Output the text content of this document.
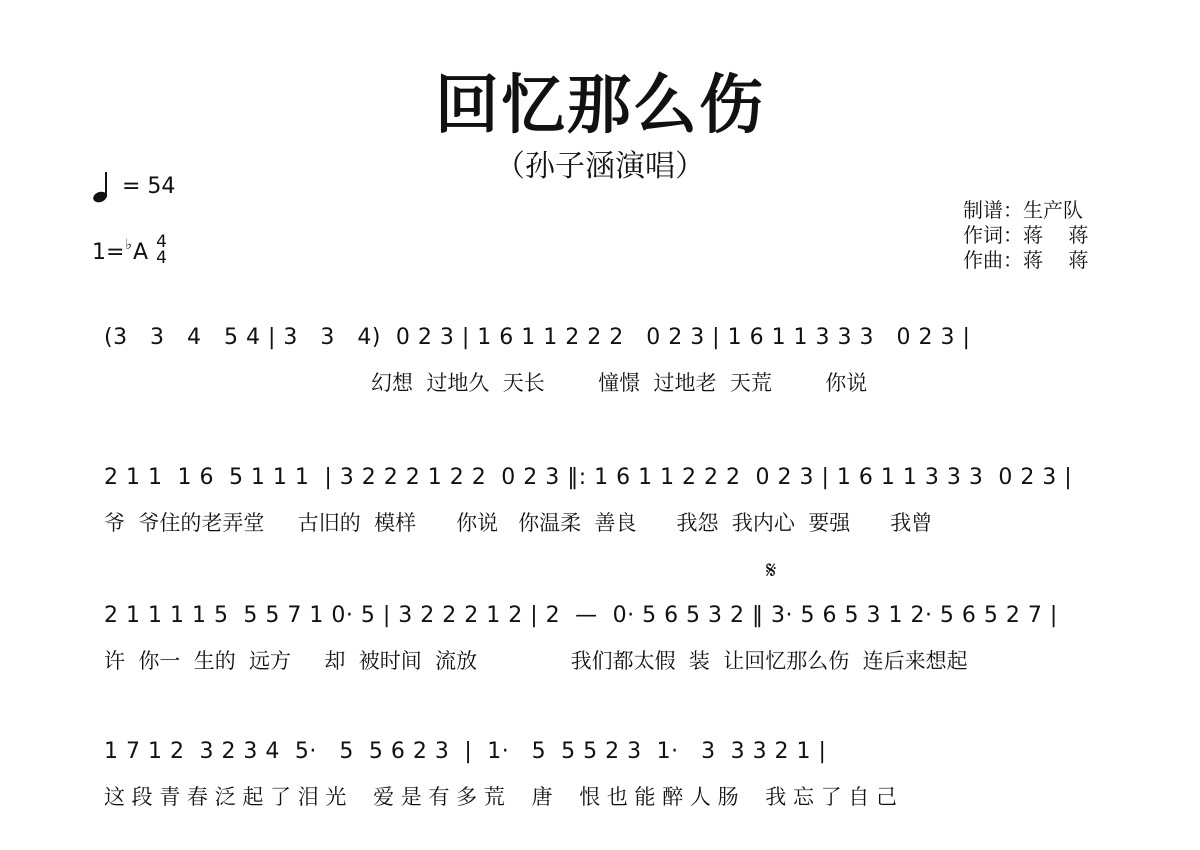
回忆那么伤
（孙子涵演唱）
= 54
1= ♭ A 4
4
制谱：生产队
作词：蒋    蒋
作曲：蒋    蒋
𝄋
(3   3   4   5 4 | 3   3   4)  0 2 3 | 1 6 1 1 2 2 2   0 2 3 | 1 6 1 1 3 3 3   0 2 3 |
幻想  过地久  天长        憧憬  过地老  天荒        你说
2 1 1  1 6  5 1 1 1  | 3 2 2 2 1 2 2  0 2 3 ‖: 1 6 1 1 2 2 2  0 2 3 | 1 6 1 1 3 3 3  0 2 3 |
爷  爷住的老弄堂     古旧的  模样      你说   你温柔  善良      我怨  我内心  要强      我曾
2 1 1 1 1 5  5 5 7 1 0· 5 | 3 2 2 2 1 2 | 2  —  0· 5 6 5 3 2 ‖ 3· 5 6 5 3 1 2· 5 6 5 2 7 |
许  你一  生的  远方     却  被时间  流放              我们都太假  装  让回忆那么伤  连后来想起
1 7 1 2  3 2 3 4  5·   5  5 6 2 3  |  1·   5  5 5 2 3  1·   3  3 3 2 1 |
这 段 青 春 泛 起 了 泪 光    爱 是 有 多 荒    唐    恨 也 能 醉 人 肠    我 忘 了 自 己
